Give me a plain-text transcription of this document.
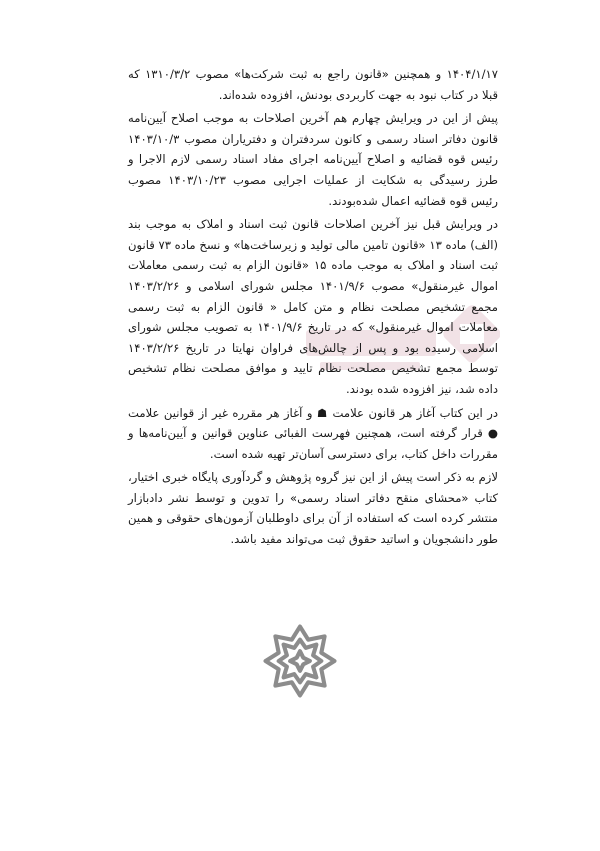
۱۴۰۴/۱/۱۷ و همچنین «قانون راجع به ثبت شرکت‌ها» مصوب ۱۳۱۰/۳/۲ که قبلا در کتاب نبود به جهت کاربردی بودنش، افزوده شده‌اند.

پیش از این در ویرایش چهارم هم آخرین اصلاحات به موجب اصلاح آیین‌نامه قانون دفاتر اسناد رسمی و کانون سردفتران و دفتریاران مصوب ۱۴۰۳/۱۰/۳ رئیس قوه قضائیه و اصلاح آیین‌نامه اجرای مفاد اسناد رسمی لازم الاجرا و طرز رسیدگی به شکایت از عملیات اجرایی مصوب ۱۴۰۳/۱۰/۲۳ مصوب رئیس قوه قضائیه اعمال شده‌بودند.

در ویرایش قبل نیز آخرین اصلاحات قانون ثبت اسناد و املاک به موجب بند (الف) ماده ۱۳ «قانون تامین مالی تولید و زیرساخت‌ها» و نسخ ماده ۷۳ قانون ثبت اسناد و املاک به موجب ماده ۱۵ «قانون الزام به ثبت رسمی معاملات اموال غیرمنقول» مصوب ۱۴۰۱/۹/۶ مجلس شورای اسلامی و ۱۴۰۳/۲/۲۶ مجمع تشخیص مصلحت نظام و متن کامل « قانون الزام به ثبت رسمی معاملات اموال غیرمنقول» که در تاریخ ۱۴۰۱/۹/۶ به تصویب مجلس شورای اسلامی رسیده بود و پس از چالش‌های فراوان نهایتا در تاریخ ۱۴۰۳/۲/۲۶ توسط مجمع تشخیص مصلحت نظام تایید و موافق مصلحت نظام تشخیص داده شد، نیز افزوده شده بودند.

در این کتاب آغاز هر قانون علامت ☗ و آغاز هر مقرره غیر از قوانین علامت ● قرار گرفته است، همچنین فهرست الفبائی عناوین قوانین و آیین‌نامه‌ها و مقررات داخل کتاب، برای دسترسی آسان‌تر تهیه شده است.

لازم به ذکر است پیش از این نیز گروه پژوهش و گردآوری پایگاه خبری اختیار، کتاب «محشای منقح دفاتر اسناد رسمی» را تدوین و توسط نشر دادبازار منتشر کرده است که استفاده از آن برای داوطلبان آزمون‌های حقوقی و همین طور دانشجویان و اساتید حقوق ثبت می‌تواند مفید باشد.
